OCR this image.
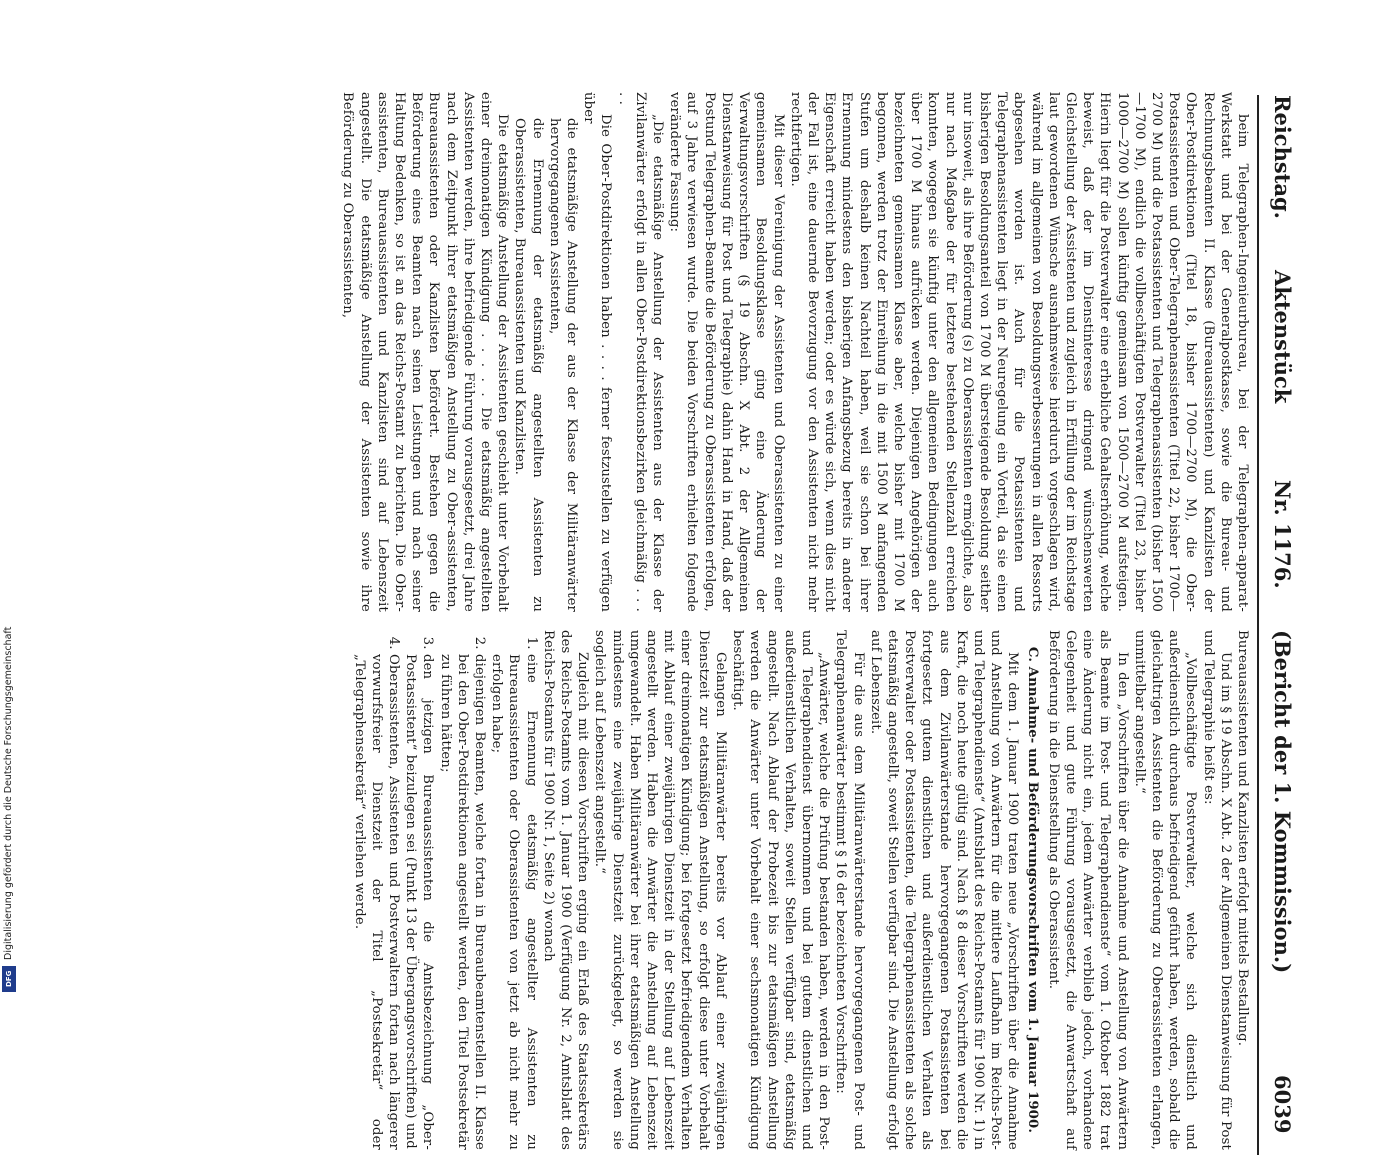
Reichstag.
Aktenstück
Nr. 1176.
(Bericht der 1. Kommission.)
6039

beim Telegraphen-Ingenieurbureau, bei der Telegraphen-apparat-Werkstatt und bei der Generalpostkasse, sowie die Bureau- und Rechnungsbeamten II. Klasse (Bureauassistenten) und Kanzlisten der Ober-Postdirektionen (Titel 18, bisher 1700—2700 M), die Ober-Postassistenten und Ober-Telegraphenassistenten (Titel 22, bisher 1700—2700 M) und die Postassistenten und Telegraphenassistenten (bisher 1500—1700 M), endlich die vollbeschäftigten Postverwalter (Titel 23, bisher 1000—2700 M) sollen künftig gemeinsam von 1500—2700 M aufsteigen. Hierin liegt für die Postverwalter eine erhebliche Gehaltserhöhung, welche beweist, daß der im Dienstinteresse dringend wünschenswerten Gleichstellung der Assistenten und zugleich in Erfüllung der im Reichstage laut gewordenen Wünsche ausnahmsweise hierdurch vorgeschlagen wird, während im allgemeinen von Besoldungsverbesserungen in allen Ressorts abgesehen worden ist. Auch für die Postassistenten und Telegraphenassistenten liegt in der Neuregelung ein Vorteil, da sie einen bisherigen Besoldungsanteil von 1700 M übersteigende Besoldung seither nur insoweit, als ihre Beförderung (s) zu Oberassistenten ermöglichte, also nur nach Maßgabe der für letztere bestehenden Stellenzahl erreichen konnten, wogegen sie künftig unter den allgemeinen Bedingungen auch über 1700 M hinaus aufrücken werden. Diejenigen Angehörigen der bezeichneten gemeinsamen Klasse aber, welche bisher mit 1700 M begonnen, werden trotz der Einreihung in die mit 1500 M anfangenden Stufen um deshalb keinen Nachteil haben, weil sie schon bei ihrer Ernennung mindestens den bisherigen Anfangsbezug bereits in anderer Eigenschaft erreicht haben werden; oder es würde sich, wenn dies nicht der Fall ist, eine dauernde Bevorzugung vor den Assistenten nicht mehr rechtfertigen.

Mit dieser Vereinigung der Assistenten und Oberassistenten zu einer gemeinsamen Besoldungsklasse ging eine Änderung der Verwaltungsvorschriften (§ 19 Abschn. X Abt. 2 der Allgemeinen Dienstanweisung für Post und Telegraphie) dahin Hand in Hand, daß der Postund Telegraphen-Beamte die Beförderung zu Oberassistenten erfolgen, auf 3 Jahre verwiesen wurde. Die beiden Vorschriften erhielten folgende veränderte Fassung:

„Die etatsmäßige Anstellung der Assistenten aus der Klasse der Zivilanwärter erfolgt in allen Ober-Postdirektionsbezirken gleichmäßig . . . . .

Die Ober-Postdirektionen haben . . . . ferner festzustellen zu verfügen über

die etatsmäßige Anstellung der aus der Klasse der Militäranwärter hervorgegangenen Assistenten,

die Ernennung der etatsmäßig angestellten Assistenten zu Oberassistenten, Bureauassistenten und Kanzlisten.

Die etatsmäßige Anstellung der Assistenten geschieht unter Vorbehalt einer dreimonatigen Kündigung . . . . . Die etatsmäßig angestellten Assistenten werden, ihre befriedigende Führung vorausgesetzt, drei Jahre nach dem Zeitpunkt ihrer etatsmäßigen Anstellung zu Ober-assistenten, Bureauassistenten oder Kanzlisten befördert. Bestehen gegen die Beförderung eines Beamten nach seinen Leistungen und nach seiner Haltung Bedenken, so ist an das Reichs-Postamt zu berichten. Die Ober-assistenten, Bureauassistenten und Kanzlisten sind auf Lebenszeit angestellt. Die etatsmäßige Anstellung der Assistenten sowie ihre Beförderung zu Oberassistenten,

Bureauassistenten und Kanzlisten erfolgt mittels Bestallung.

Und im § 19 Abschn. X Abt. 2 der Allgemeinen Dienstanweisung für Post und Telegraphie heißt es:

„Vollbeschäftigte Postverwalter, welche sich dienstlich und außerdienstlich durchaus befriedigend geführt haben, werden, sobald die gleichaltrigen Assistenten die Beförderung zu Oberassistenten erlangen, unmittelbar angestellt.“

In den „Vorschriften über die Annahme und Anstellung von Anwärtern als Beamte im Post- und Telegraphendienste“ vom 1. Oktober 1882 trat eine Änderung nicht ein, jedem Anwärter verblieb jedoch, vorhandene Gelegenheit und gute Führung vorausgesetzt, die Anwartschaft auf Beförderung in die Dienststellung als Oberassistent.

C. Annahme- und Beförderungsvorschriften vom 1. Januar 1900.

Mit dem 1. Januar 1900 traten neue „Vorschriften über die Annahme und Anstellung von Anwärtern für die mittlere Laufbahn im Reichs-Post- und Telegraphendienste“ (Amtsblatt des Reichs-Postamts für 1900 Nr. 1) in Kraft, die noch heute gültig sind. Nach § 8 dieser Vorschriften werden die aus dem Zivilanwärterstande hervorgegangenen Postassistenten bei fortgesetzt gutem dienstlichen und außerdienstlichen Verhalten als Postverwalter oder Postassistenten, die Telegraphenassistenten als solche etatsmäßig angestellt, soweit Stellen verfügbar sind. Die Anstellung erfolgt auf Lebenszeit.

Für die aus dem Militäranwärterstande hervorgegangenen Post- und Telegraphenanwärter bestimmt § 16 der bezeichneten Vorschriften:

„Anwärter, welche die Prüfung bestanden haben, werden in den Post- und Telegraphendienst übernommen und bei gutem dienstlichen und außerdienstlichen Verhalten, soweit Stellen verfügbar sind, etatsmäßig angestellt. Nach Ablauf der Probezeit bis zur etatsmäßigen Anstellung werden die Anwärter unter Vorbehalt einer sechsmonatigen Kündigung beschäftigt.

Gelangen Militäranwärter bereits vor Ablauf einer zweijährigen Dienstzeit zur etatsmäßigen Anstellung, so erfolgt diese unter Vorbehalt einer dreimonatigen Kündigung; bei fortgesetzt befriedigendem Verhalten mit Ablauf einer zweijährigen Dienstzeit in der Stellung auf Lebenszeit angestellt werden. Haben die Anwärter die Anstellung auf Lebenszeit umgewandelt. Haben Militäranwärter bei ihrer etatsmäßigen Anstellung mindestens eine zweijährige Dienstzeit zurückgelegt, so werden sie sogleich auf Lebenszeit angestellt.“

Zugleich mit diesen Vorschriften erging ein Erlaß des Staatssekretärs des Reichs-Postamts vom 1. Januar 1900 (Verfügung Nr. 2, Amtsblatt des Reichs-Postamts für 1900 Nr. 1, Seite 2) wonach

1. eine Ernennung etatsmäßig angestellter Assistenten zu Bureauassistenten oder Oberassistenten von jetzt ab nicht mehr zu erfolgen habe;
2. diejenigen Beamten, welche fortan in Bureaubeamtenstellen II. Klasse bei den Ober-Postdirektionen angestellt werden, den Titel Postsekretär zu führen hätten;
3. den jetzigen Bureauassistenten die Amtsbezeichnung „Ober-Postassistent“ beizulegen sei (Punkt 13 der Übergangsvorschriften) und
4. Oberassistenten, Assistenten und Postverwaltern fortan nach längerer vorwurfsfreier Dienstzeit der Titel „Postsekretär“ oder „Telegraphensekretär“ verliehen werde.
DFG
Digitalisierung gefördert durch die Deutsche Forschungsgemeinschaft
